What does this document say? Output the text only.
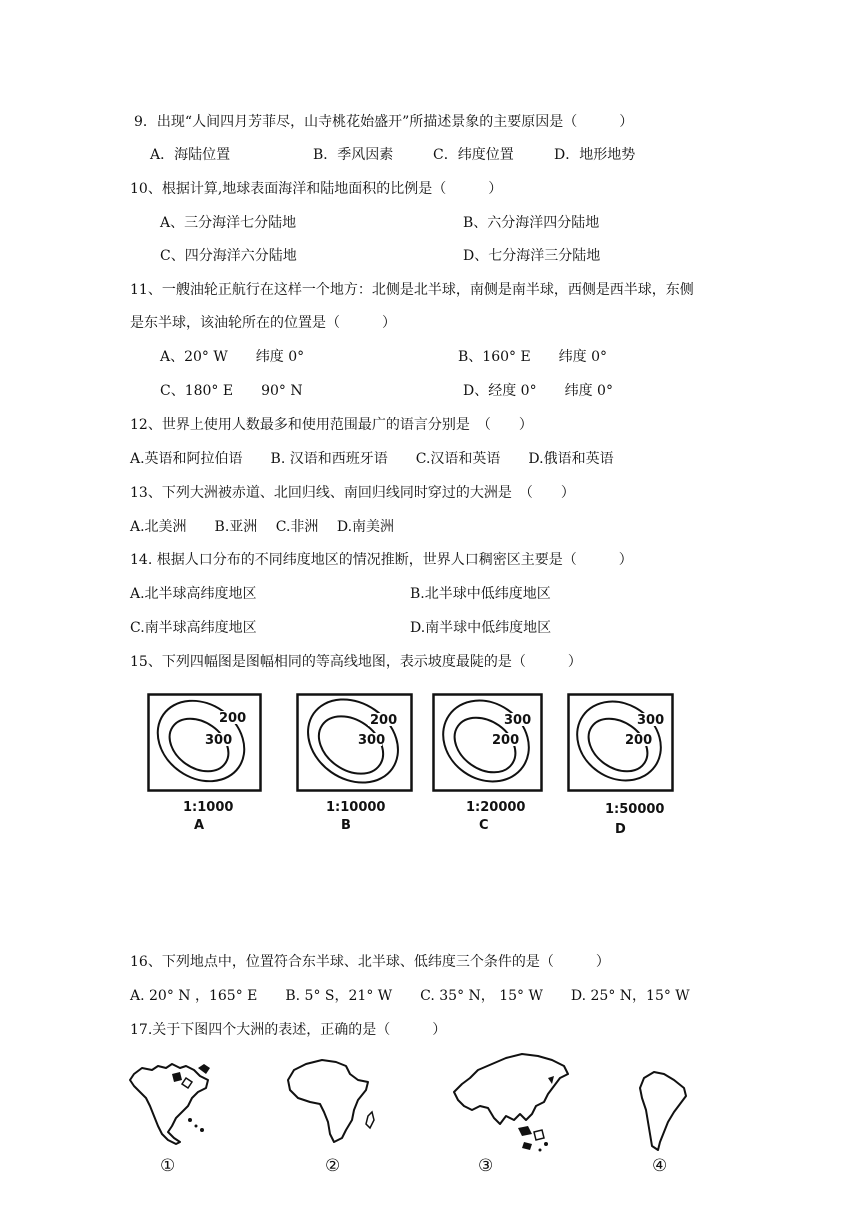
9．出现“人间四月芳菲尽，山寺桃花始盛开”所描述景象的主要原因是（　　　）
A．海陆位置	B．季风因素	C．纬度位置	D．地形地势
10、根据计算,地球表面海洋和陆地面积的比例是（　　　）
A、三分海洋七分陆地	B、六分海洋四分陆地
C、四分海洋六分陆地	D、七分海洋三分陆地
11、一艘油轮正航行在这样一个地方：北侧是北半球，南侧是南半球，西侧是西半球，东侧
是东半球，该油轮所在的位置是（　　　）
A、20° W　　纬度 0°	B、160° E　　纬度 0°
C、180° E　　90° N	D、经度 0°　　纬度 0°
12、世界上使用人数最多和使用范围最广的语言分别是　（　　）
A.英语和阿拉伯语　　B. 汉语和西班牙语　　C.汉语和英语　　D.俄语和英语
13、下列大洲被赤道、北回归线、南回归线同时穿过的大洲是　（　　）
A.北美洲　　B.亚洲　 C.非洲　 D.南美洲
14. 根据人口分布的不同纬度地区的情况推断，世界人口稠密区主要是（　　　）
A.北半球高纬度地区	B.北半球中低纬度地区
C.南半球高纬度地区	D.南半球中低纬度地区
15、下列四幅图是图幅相同的等高线地图，表示坡度最陡的是（　　　）
200
300
1:1000
A
200
300
1:10000
B
300
200
1:20000
C
300
200
1:50000
D
16、下列地点中，位置符合东半球、北半球、低纬度三个条件的是（　　　）
A. 20° N ，165° E　　B. 5° S，21° W　　C. 35° N， 15° W　　D. 25° N，15° W
17.关于下图四个大洲的表述，正确的是（　　　）
①	②	③	④
